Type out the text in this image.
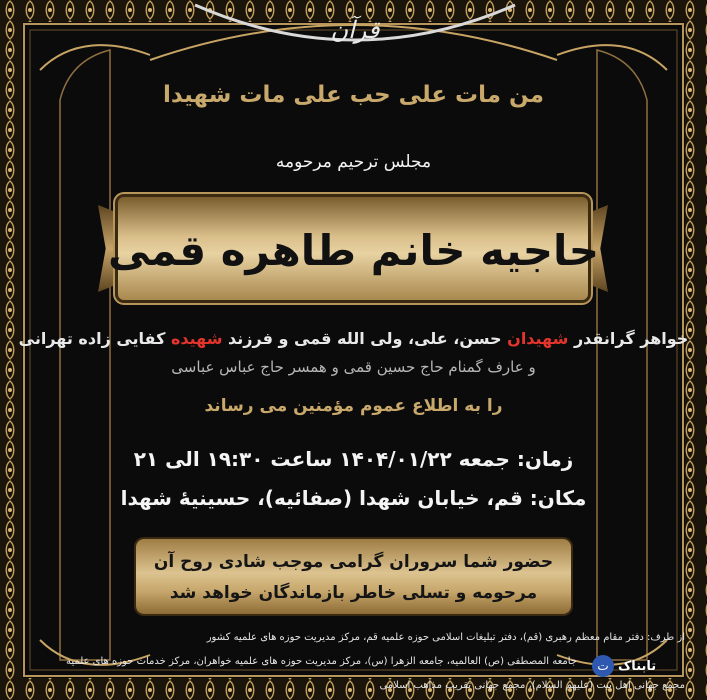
قرآن
من مات علی حب علی مات شهیدا
مجلس ترحیم مرحومه
حاجیه خانم طاهره قمی
خواهر گرانقدر شهیدان حسن، علی، ولی الله قمی و فرزند شهیده کفایی زاده تهرانی
و عارف گمنام حاج حسین قمی و همسر حاج عباس عباسی
را به اطلاع عموم مؤمنین می رساند
زمان: جمعه ۱۴۰۴/۰۱/۲۲ ساعت ۱۹:۳۰ الی ۲۱
مکان: قم، خیابان شهدا (صفائیه)، حسینیهٔ شهدا
حضور شما سروران گرامی موجب شادی روح آن
مرحومه و تسلی خاطر بازماندگان خواهد شد
از طرف: دفتر مقام معظم رهبری (قم)، دفتر تبلیغات اسلامی حوزه علمیه قم، مرکز مدیریت حوزه های علمیه کشور
جامعه المصطفی (ص) العالمیه، جامعه الزهرا (س)، مرکز مدیریت حوزه های علمیه خواهران، مرکز خدمات حوزه های علمیه
مجمع جهانی اهل بیت (علیهم السلام)، مجمع جهانی تقریب مذاهب اسلامی
ت تابناک
